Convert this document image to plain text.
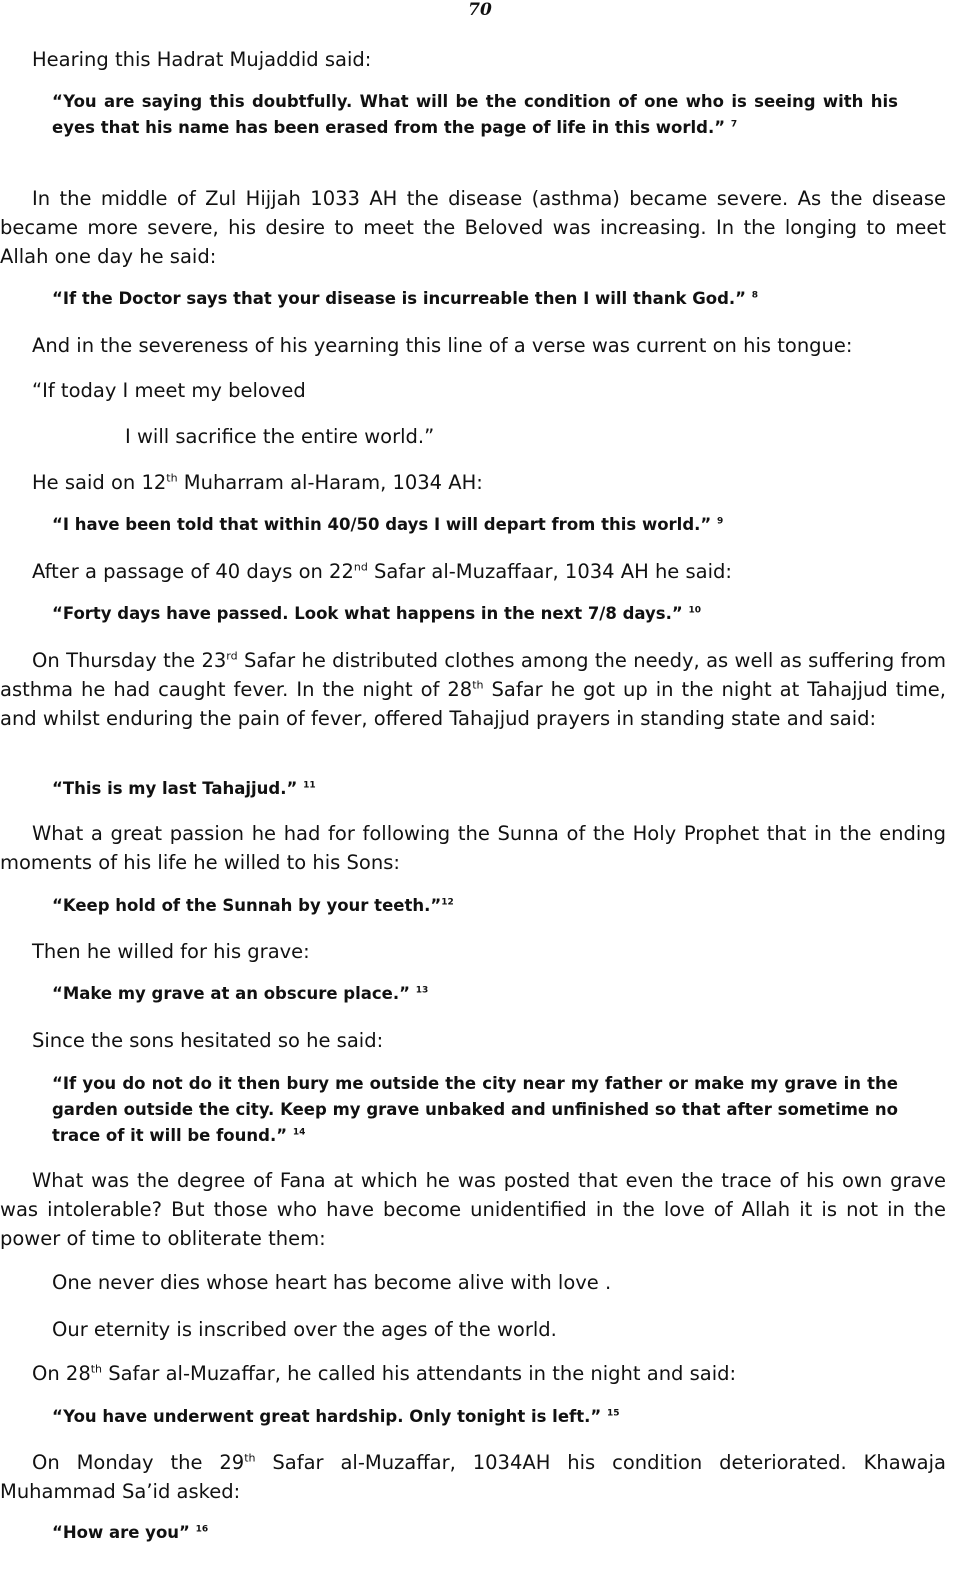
70

Hearing this Hadrat Mujaddid said:

“You are saying this doubtfully. What will be the condition of one who is seeing with his eyes that his name has been erased from the page of life in this world.” $^7$

In the middle of Zul Hijjah 1033 AH the disease (asthma) became severe. As the disease became more severe, his desire to meet the Beloved was increasing. In the longing to meet Allah one day he said:

“If the Doctor says that your disease is incurreable then I will thank God.” $^8$

And in the severeness of his yearning this line of a verse was current on his tongue:

“If today I meet my beloved

I will sacrifice the entire world.”

He said on 12th Muharram al-Haram, 1034 AH:

“I have been told that within 40/50 days I will depart from this world.” $^9$

After a passage of 40 days on 22nd Safar al-Muzaffaar, 1034 AH he said:

“Forty days have passed. Look what happens in the next 7/8 days.” $^{10}$

On Thursday the 23rd Safar he distributed clothes among the needy, as well as suffering from asthma he had caught fever. In the night of 28th Safar he got up in the night at Tahajjud time, and whilst enduring the pain of fever, offered Tahajjud prayers in standing state and said:

“This is my last Tahajjud.” $^{11}$

What a great passion he had for following the Sunna of the Holy Prophet that in the ending moments of his life he willed to his Sons:

“Keep hold of the Sunnah by your teeth.”$^{12}$

Then he willed for his grave:

“Make my grave at an obscure place.” $^{13}$

Since the sons hesitated so he said:

“If you do not do it then bury me outside the city near my father or make my grave in the garden outside the city. Keep my grave unbaked and unfinished so that after sometime no trace of it will be found.” $^{14}$

What was the degree of Fana at which he was posted that even the trace of his own grave was intolerable? But those who have become unidentified in the love of Allah it is not in the power of time to obliterate them:

One never dies whose heart has become alive with love .

Our eternity is inscribed over the ages of the world.

On 28th Safar al-Muzaffar, he called his attendants in the night and said:

“You have underwent great hardship. Only tonight is left.” $^{15}$

On Monday the 29th Safar al-Muzaffar, 1034AH his condition deteriorated. Khawaja Muhammad Sa’id asked:

“How are you” $^{16}$
